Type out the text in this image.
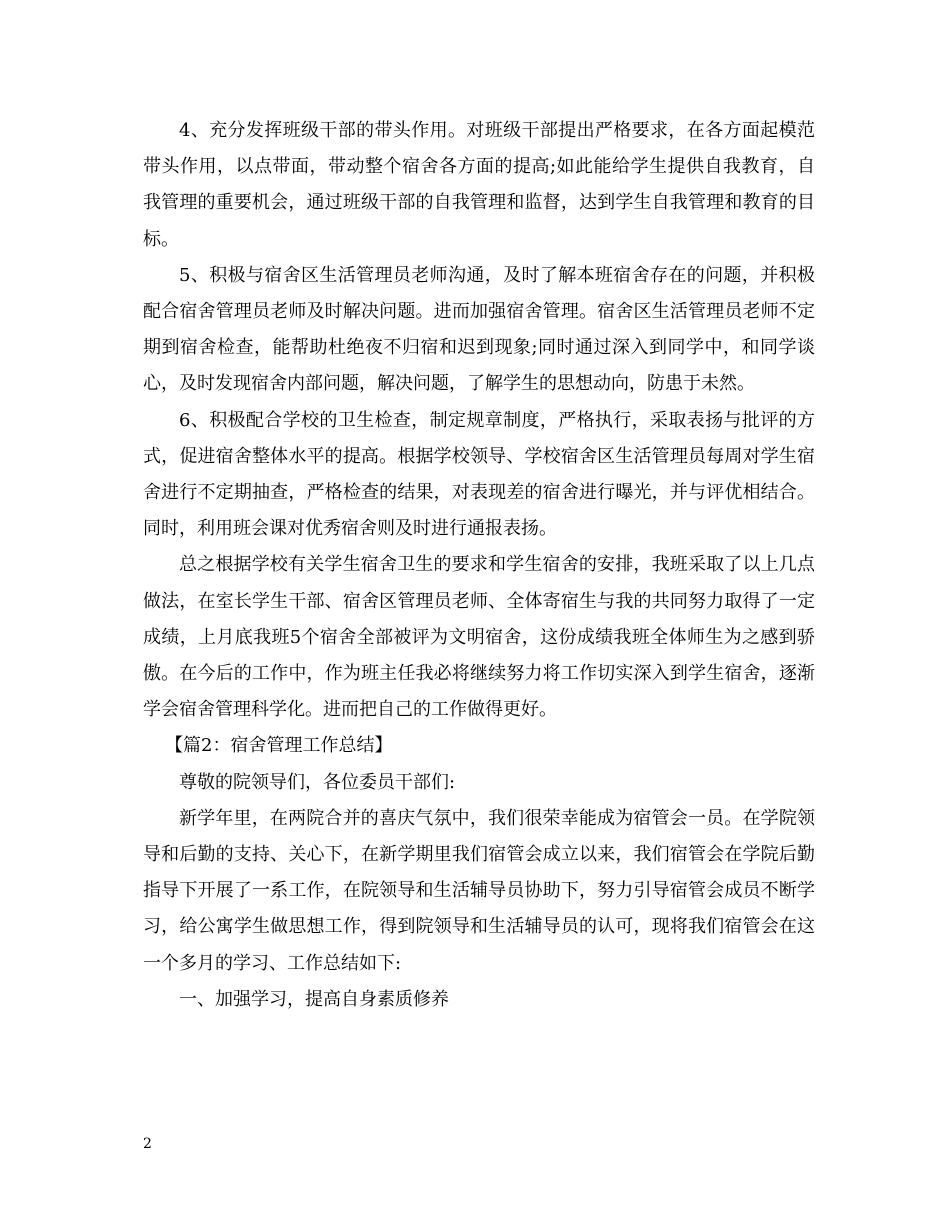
4、充分发挥班级干部的带头作用。对班级干部提出严格要求，在各方面起模范带头作用，以点带面，带动整个宿舍各方面的提高;如此能给学生提供自我教育，自我管理的重要机会，通过班级干部的自我管理和监督，达到学生自我管理和教育的目标。

5、积极与宿舍区生活管理员老师沟通，及时了解本班宿舍存在的问题，并积极配合宿舍管理员老师及时解决问题。进而加强宿舍管理。宿舍区生活管理员老师不定期到宿舍检查，能帮助杜绝夜不归宿和迟到现象;同时通过深入到同学中，和同学谈心，及时发现宿舍内部问题，解决问题，了解学生的思想动向，防患于未然。

6、积极配合学校的卫生检查，制定规章制度，严格执行，采取表扬与批评的方式，促进宿舍整体水平的提高。根据学校领导、学校宿舍区生活管理员每周对学生宿舍进行不定期抽查，严格检查的结果，对表现差的宿舍进行曝光，并与评优相结合。同时，利用班会课对优秀宿舍则及时进行通报表扬。

总之根据学校有关学生宿舍卫生的要求和学生宿舍的安排，我班采取了以上几点做法，在室长学生干部、宿舍区管理员老师、全体寄宿生与我的共同努力取得了一定成绩，上月底我班5个宿舍全部被评为文明宿舍，这份成绩我班全体师生为之感到骄傲。在今后的工作中，作为班主任我必将继续努力将工作切实深入到学生宿舍，逐渐学会宿舍管理科学化。进而把自己的工作做得更好。

【篇2：宿舍管理工作总结】

尊敬的院领导们，各位委员干部们:

新学年里，在两院合并的喜庆气氛中，我们很荣幸能成为宿管会一员。在学院领导和后勤的支持、关心下，在新学期里我们宿管会成立以来，我们宿管会在学院后勤指导下开展了一系工作，在院领导和生活辅导员协助下，努力引导宿管会成员不断学习，给公寓学生做思想工作，得到院领导和生活辅导员的认可，现将我们宿管会在这一个多月的学习、工作总结如下:

一、加强学习，提高自身素质修养

2
